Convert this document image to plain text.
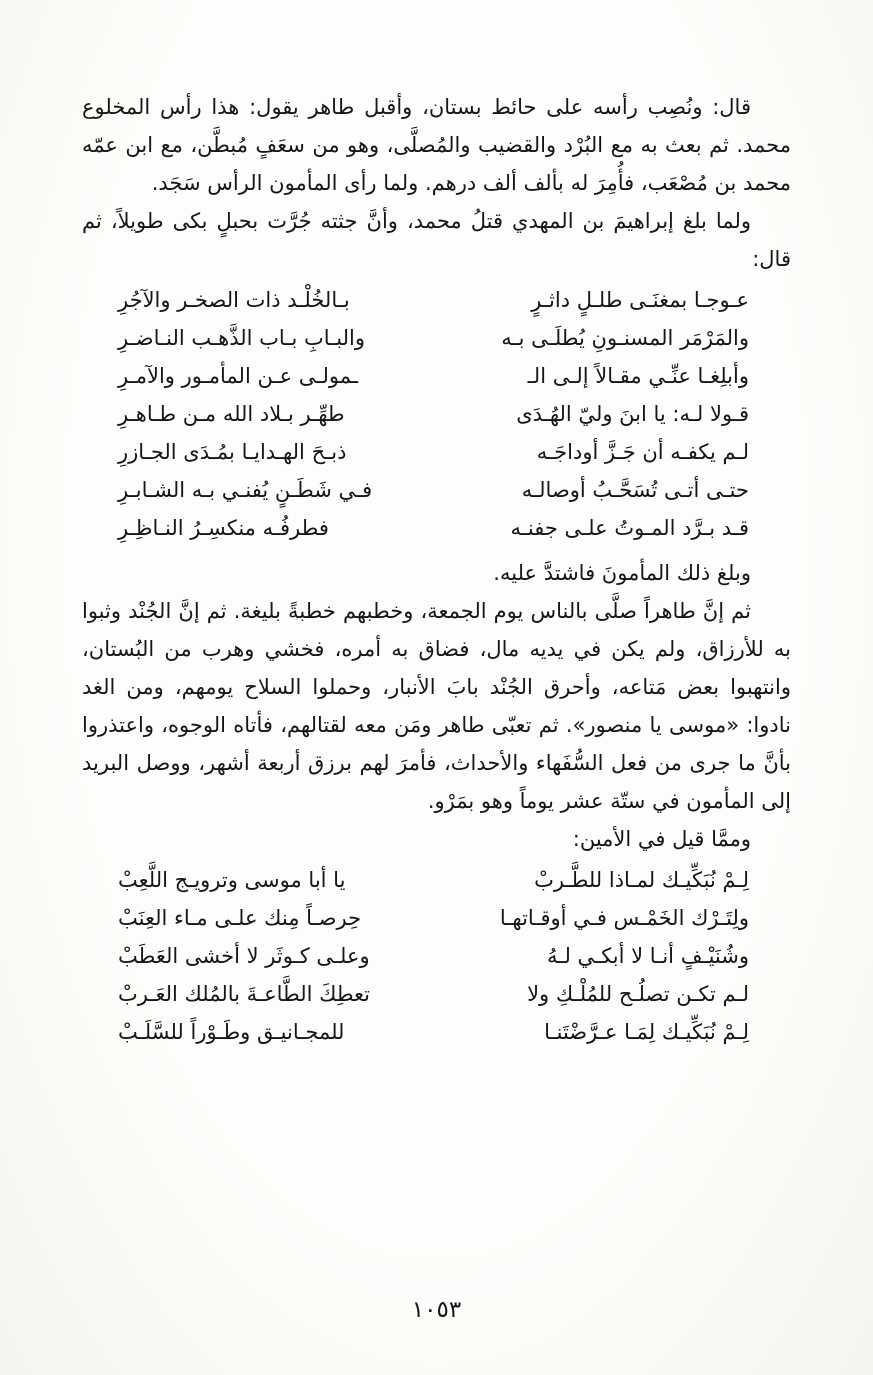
قال: ونُصِب رأسه على حائط بستان، وأقبل طاهر يقول: هذا رأس المخلوع محمد. ثم بعث به مع البُرْد والقضيب والمُصلَّى، وهو من سعَفٍ مُبطَّن، مع ابن عمّه محمد بن مُصْعَب، فأُمِرَ له بألف ألف درهم. ولما رأى المأمون الرأس سَجَد.

ولما بلغ إبراهيمَ بن المهدي قتلُ محمد، وأنَّ جثته جُرَّت بحبلٍ بكى طويلاً، ثم قال:

عـوجـا بمغنَـى طلـلٍ داثـرٍ
بـالخُلْـد ذات الصخـر والآجُرِ
والمَرْمَر المسنـونِ يُطلَـى بـه
والبـابِ بـاب الذَّهـب النـاضـرِ
وأبلِغـا عنِّـي مقـالاً إلـى الـ
ـمولـى عـن المأمـور والآمـرِ
قـولا لـه: يا ابنَ وليّ الهُـدَى
طهِّـر بـلاد الله مـن طـاهـرِ
لـم يكفـه أن جَـزَّ أوداجَـه
ذبـحَ الهـدايـا بمُـدَى الجـازرِ
حتـى أتـى تُسَحَّـبُ أوصالـه
فـي شَطَـنٍ يُفنـي بـه الشـابـرِ
قـد بـرَّد المـوتُ علـى جفنـه
فطرفُـه منكسِـرُ النـاظِـرِ

وبلغ ذلك المأمونَ فاشتدَّ عليه.

ثم إنَّ طاهراً صلَّى بالناس يوم الجمعة، وخطبهم خطبةً بليغة. ثم إنَّ الجُنْد وثبوا به للأرزاق، ولم يكن في يديه مال، فضاق به أمره، فخشي وهرب من البُستان، وانتهبوا بعض مَتاعه، وأحرق الجُنْد بابَ الأنبار، وحملوا السلاح يومهم، ومن الغد نادوا: «موسى يا منصور». ثم تعبّى طاهر ومَن معه لقتالهم، فأتاه الوجوه، واعتذروا بأنَّ ما جرى من فعل السُّفَهاء والأحداث، فأمرَ لهم برزق أربعة أشهر، ووصل البريد إلى المأمون في ستّة عشر يوماً وهو بمَرْو.

وممَّا قيل في الأمين:

لِـمْ نُبَكِّيـك لمـاذا للطَّـربْ
يا أبا موسى وترويـج اللَّعِبْ
ولِتَـرْك الخَمْـس فـي أوقـاتهـا
حِرصـاً مِنك علـى مـاء العِنَبْ
وشُنَيْـفٍ أنـا لا أبكـي لـهُ
وعلـى كـوثَر لا أخشى العَطَبْ
لـم تكـن تصلُـح للمُلْـكِ ولا
تعطِكَ الطَّاعـةَ بالمُلك العَـربْ
لِـمْ نُبَكِّيـك لِمَـا عـرَّضْتَنـا
للمجـانيـق وطَـوْراً للسَّلَـبْ
١٠٥٣
